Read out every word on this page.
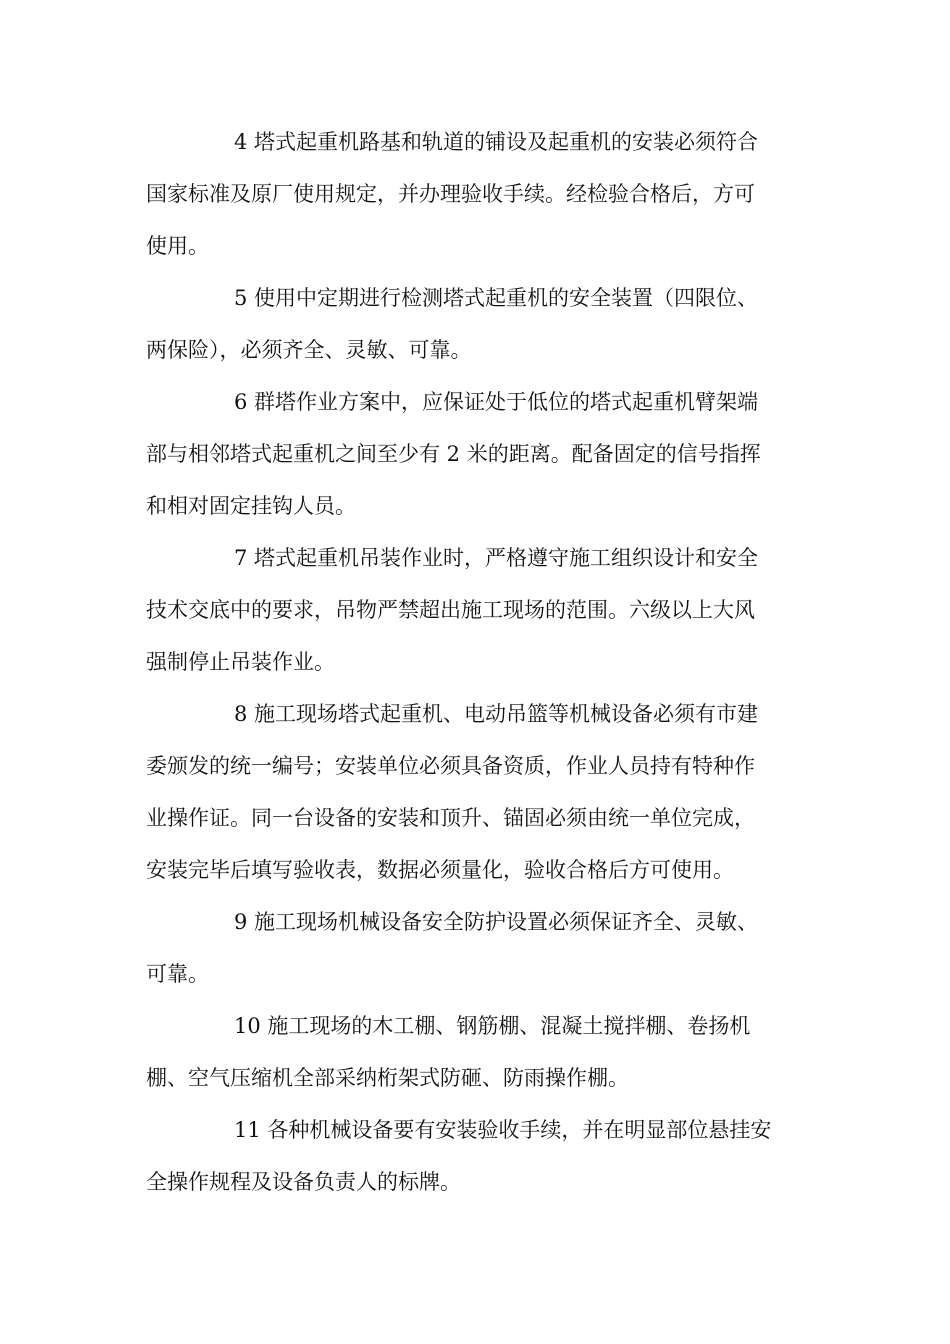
4 塔式起重机路基和轨道的铺设及起重机的安装必须符合
国家标准及原厂使用规定，并办理验收手续。经检验合格后，方可
使用。

5 使用中定期进行检测塔式起重机的安全装置（四限位、
两保险），必须齐全、灵敏、可靠。

6 群塔作业方案中，应保证处于低位的塔式起重机臂架端
部与相邻塔式起重机之间至少有 2 米的距离。配备固定的信号指挥
和相对固定挂钩人员。

7 塔式起重机吊装作业时，严格遵守施工组织设计和安全
技术交底中的要求，吊物严禁超出施工现场的范围。六级以上大风
强制停止吊装作业。

8 施工现场塔式起重机、电动吊篮等机械设备必须有市建
委颁发的统一编号；安装单位必须具备资质，作业人员持有特种作
业操作证。同一台设备的安装和顶升、锚固必须由统一单位完成，
安装完毕后填写验收表，数据必须量化，验收合格后方可使用。

9 施工现场机械设备安全防护设置必须保证齐全、灵敏、
可靠。

10 施工现场的木工棚、钢筋棚、混凝土搅拌棚、卷扬机
棚、空气压缩机全部采纳桁架式防砸、防雨操作棚。

11 各种机械设备要有安装验收手续，并在明显部位悬挂安
全操作规程及设备负责人的标牌。
